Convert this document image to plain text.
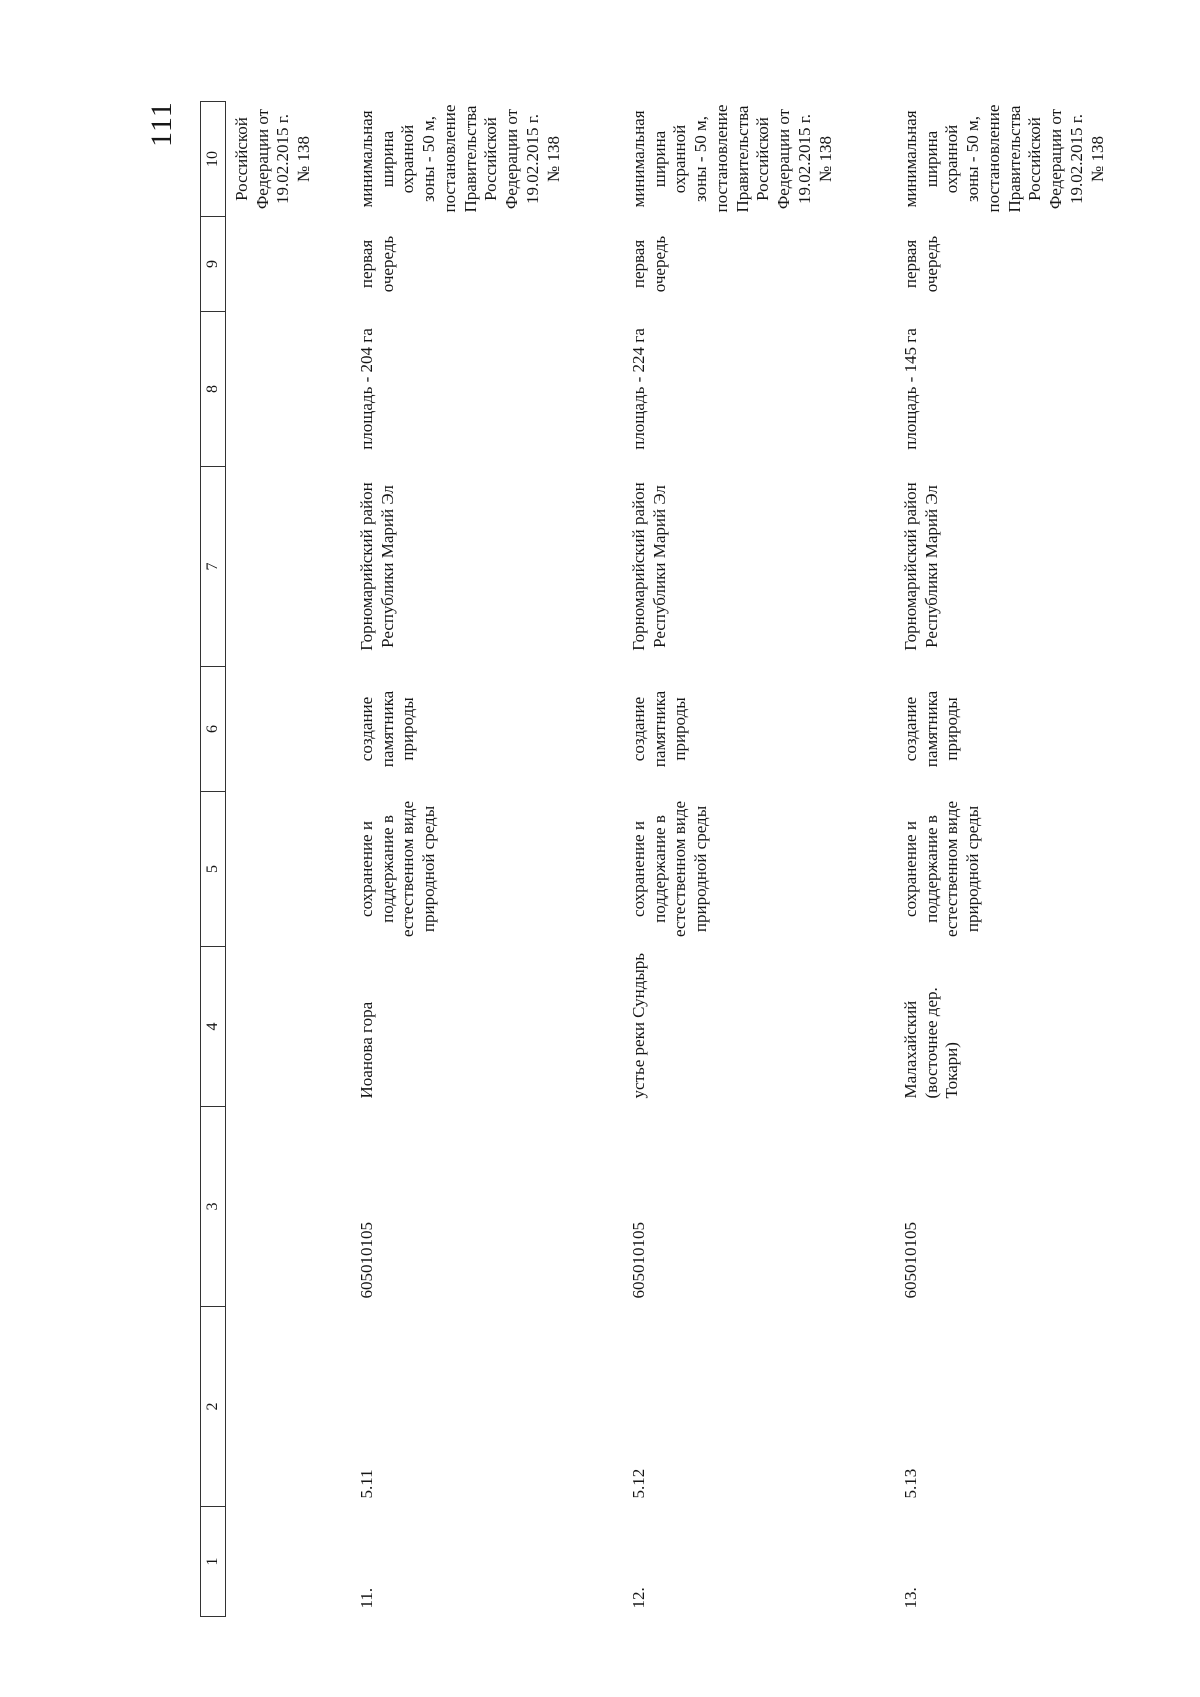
111
1	2	3	4	5	6	7	8	9	10
									Российской Федерации от 19.02.2015 г. № 138
11.	5.11	605010105	Иоанова гора	сохранение и поддержание в естественном виде природной среды	создание памятника природы	Горномарийский район Республики Марий Эл	площадь - 204 га	первая очередь	минимальная ширина охранной зоны - 50 м, постановление Правительства Российской Федерации от 19.02.2015 г. № 138
12.	5.12	605010105	устье реки Сундырь	сохранение и поддержание в естественном виде природной среды	создание памятника природы	Горномарийский район Республики Марий Эл	площадь - 224 га	первая очередь	минимальная ширина охранной зоны - 50 м, постановление Правительства Российской Федерации от 19.02.2015 г. № 138
13.	5.13	605010105	Малахайский (восточнее дер. Токари)	сохранение и поддержание в естественном виде природной среды	создание памятника природы	Горномарийский район Республики Марий Эл	площадь - 145 га	первая очередь	минимальная ширина охранной зоны - 50 м, постановление Правительства Российской Федерации от 19.02.2015 г. № 138
